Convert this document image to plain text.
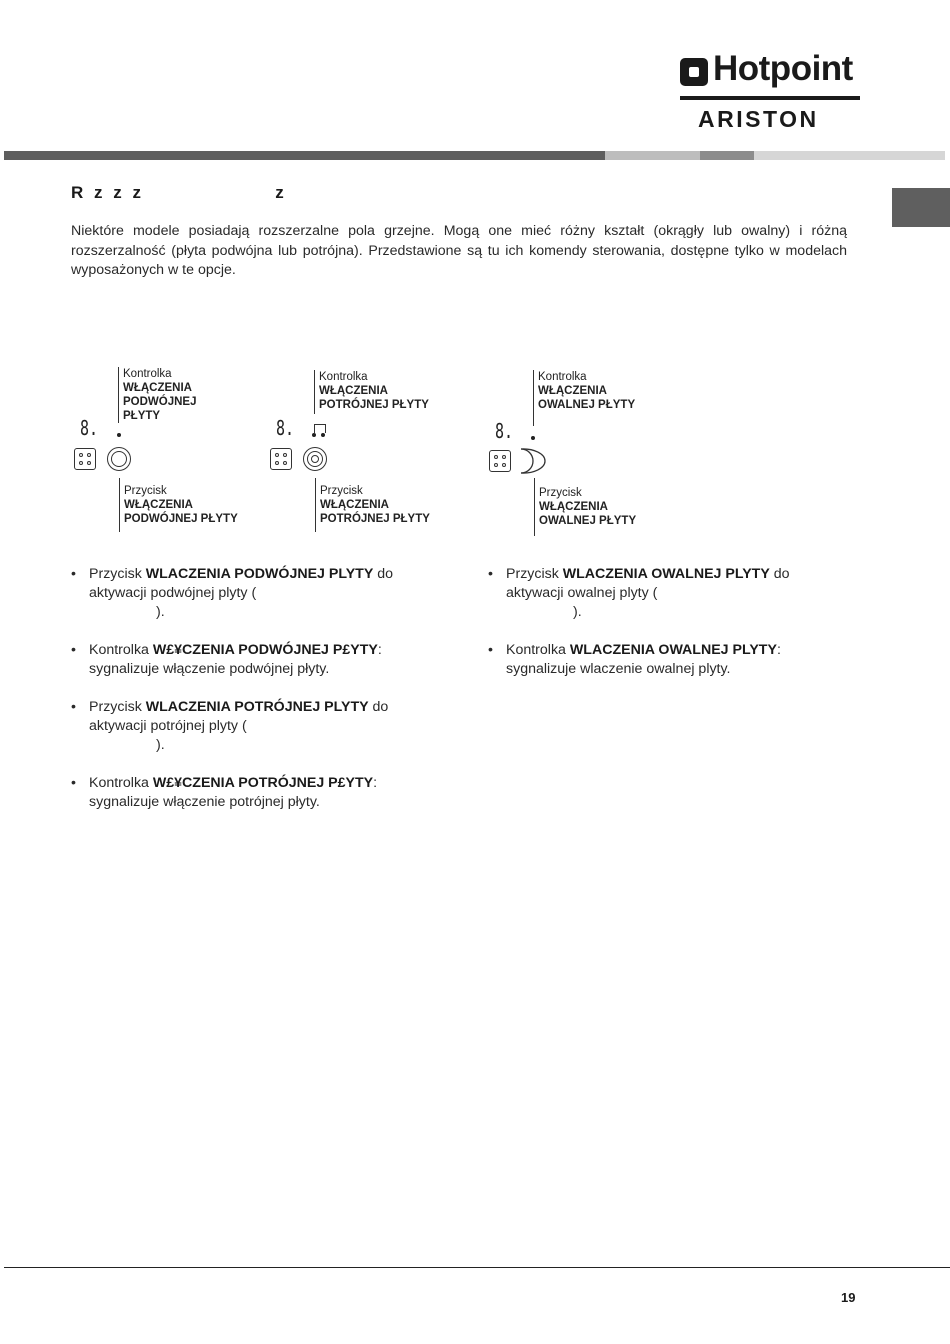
Hotpoint
ARISTON
R z z z                 z
Niektóre modele posiadają rozszerzalne pola grzejne. Mogą one mieć różny kształt (okrągły lub owalny) i różną rozszerzalność (płyta podwójna lub potrójna). Przedstawione są tu ich komendy sterowania, dostępne tylko w modelach wyposażonych w te opcje.
Kontrolka
WŁĄCZENIA
PODWÓJNEJ
PŁYTY
8.
Przycisk
WŁĄCZENIA
PODWÓJNEJ PŁYTY
Kontrolka
WŁĄCZENIA
POTRÓJNEJ PŁYTY
8.
Przycisk
WŁĄCZENIA
POTRÓJNEJ PŁYTY
Kontrolka
WŁĄCZENIA
OWALNEJ PŁYTY
8.
Przycisk
WŁĄCZENIA
OWALNEJ PŁYTY
• Przycisk WLACZENIA PODWÓJNEJ PLYTY do
aktywacji podwójnej plyty (
).
• Kontrolka W£¥CZENIA PODWÓJNEJ P£YTY:
sygnalizuje włączenie podwójnej płyty.
• Przycisk WLACZENIA POTRÓJNEJ PLYTY do
aktywacji potrójnej plyty (
).
• Kontrolka W£¥CZENIA POTRÓJNEJ P£YTY:
sygnalizuje włączenie potrójnej płyty.
• Przycisk WLACZENIA OWALNEJ PLYTY do
aktywacji owalnej plyty (
).
• Kontrolka WLACZENIA OWALNEJ PLYTY:
sygnalizuje wlaczenie owalnej plyty.
19
